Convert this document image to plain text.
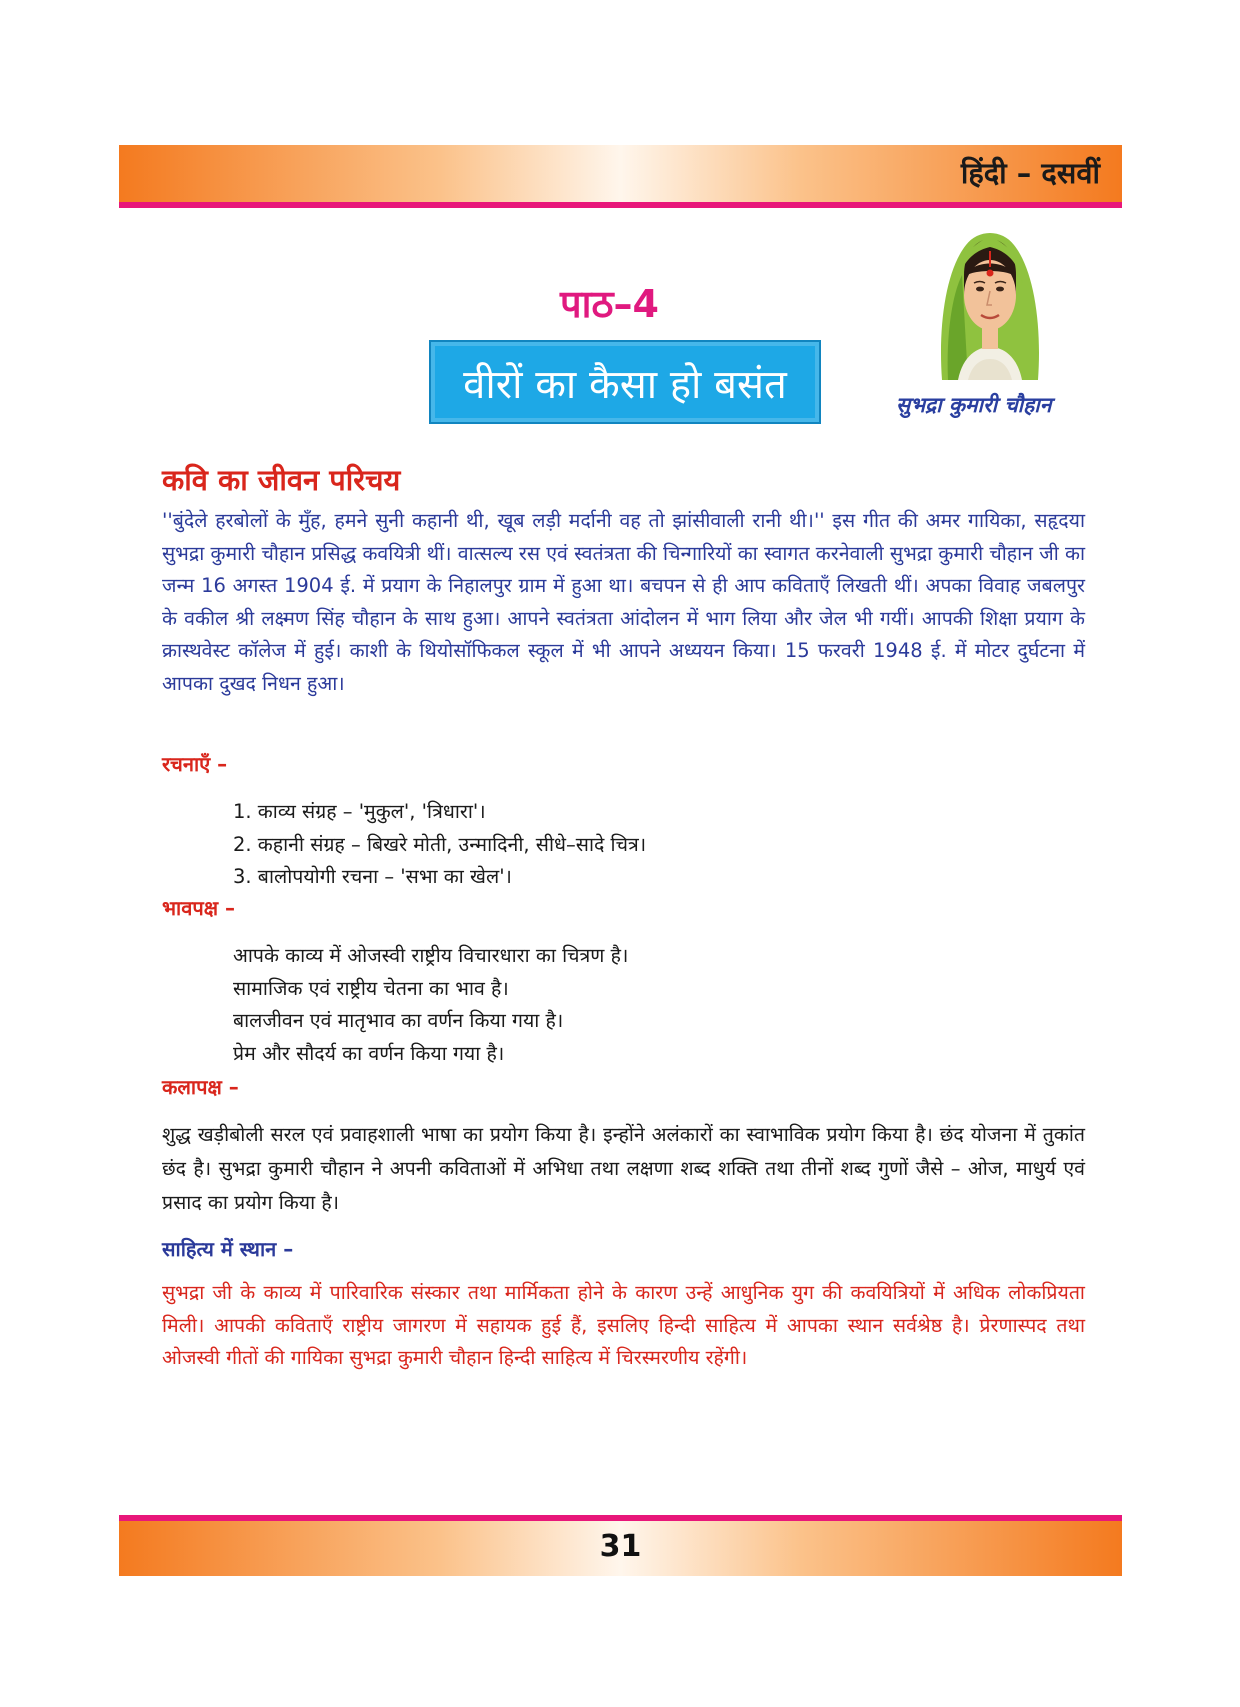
हिंदी – दसवीं
पाठ–4
वीरों का कैसा हो बसंत	सुभद्रा कुमारी चौहान
कवि का जीवन परिचय

''बुंदेले हरबोलों के मुँह, हमने सुनी कहानी थी, खूब लड़ी मर्दानी वह तो झांसीवाली रानी थी।'' इस गीत की अमर गायिका, सहृदया सुभद्रा कुमारी चौहान प्रसिद्ध कवयित्री थीं। वात्सल्य रस एवं स्वतंत्रता की चिन्गारियों का स्वागत करनेवाली सुभद्रा कुमारी चौहान जी का जन्म 16 अगस्त 1904 ई. में प्रयाग के निहालपुर ग्राम में हुआ था। बचपन से ही आप कविताएँ लिखती थीं। अपका विवाह जबलपुर के वकील श्री लक्ष्मण सिंह चौहान के साथ हुआ। आपने स्वतंत्रता आंदोलन में भाग लिया और जेल भी गयीं। आपकी शिक्षा प्रयाग के क्रास्थवेस्ट कॉलेज में हुई। काशी के थियोसॉफिकल स्कूल में भी आपने अध्ययन किया। 15 फरवरी 1948 ई. में मोटर दुर्घटना में आपका दुखद निधन हुआ।

रचनाएँ –
1. काव्य संग्रह – 'मुकुल', 'त्रिधारा'।
2. कहानी संग्रह – बिखरे मोती, उन्मादिनी, सीधे–सादे चित्र।
3. बालोपयोगी रचना – 'सभा का खेल'।
भावपक्ष –
आपके काव्य में ओजस्वी राष्ट्रीय विचारधारा का चित्रण है।
सामाजिक एवं राष्ट्रीय चेतना का भाव है।
बालजीवन एवं मातृभाव का वर्णन किया गया है।
प्रेम और सौदर्य का वर्णन किया गया है।
कलापक्ष –

शुद्ध खड़ीबोली सरल एवं प्रवाहशाली भाषा का प्रयोग किया है। इन्होंने अलंकारों का स्वाभाविक प्रयोग किया है। छंद योजना में तुकांत छंद है। सुभद्रा कुमारी चौहान ने अपनी कविताओं में अभिधा तथा लक्षणा शब्द शक्ति तथा तीनों शब्द गुणों जैसे – ओज, माधुर्य एवं प्रसाद का प्रयोग किया है।

साहित्य में स्थान –

सुभद्रा जी के काव्य में पारिवारिक संस्कार तथा मार्मिकता होने के कारण उन्हें आधुनिक युग की कवयित्रियों में अधिक लोकप्रियता मिली। आपकी कविताएँ राष्ट्रीय जागरण में सहायक हुई हैं, इसलिए हिन्दी साहित्य में आपका स्थान सर्वश्रेष्ठ है। प्रेरणास्पद तथा ओजस्वी गीतों की गायिका सुभद्रा कुमारी चौहान हिन्दी साहित्य में चिरस्मरणीय रहेंगी।

31
